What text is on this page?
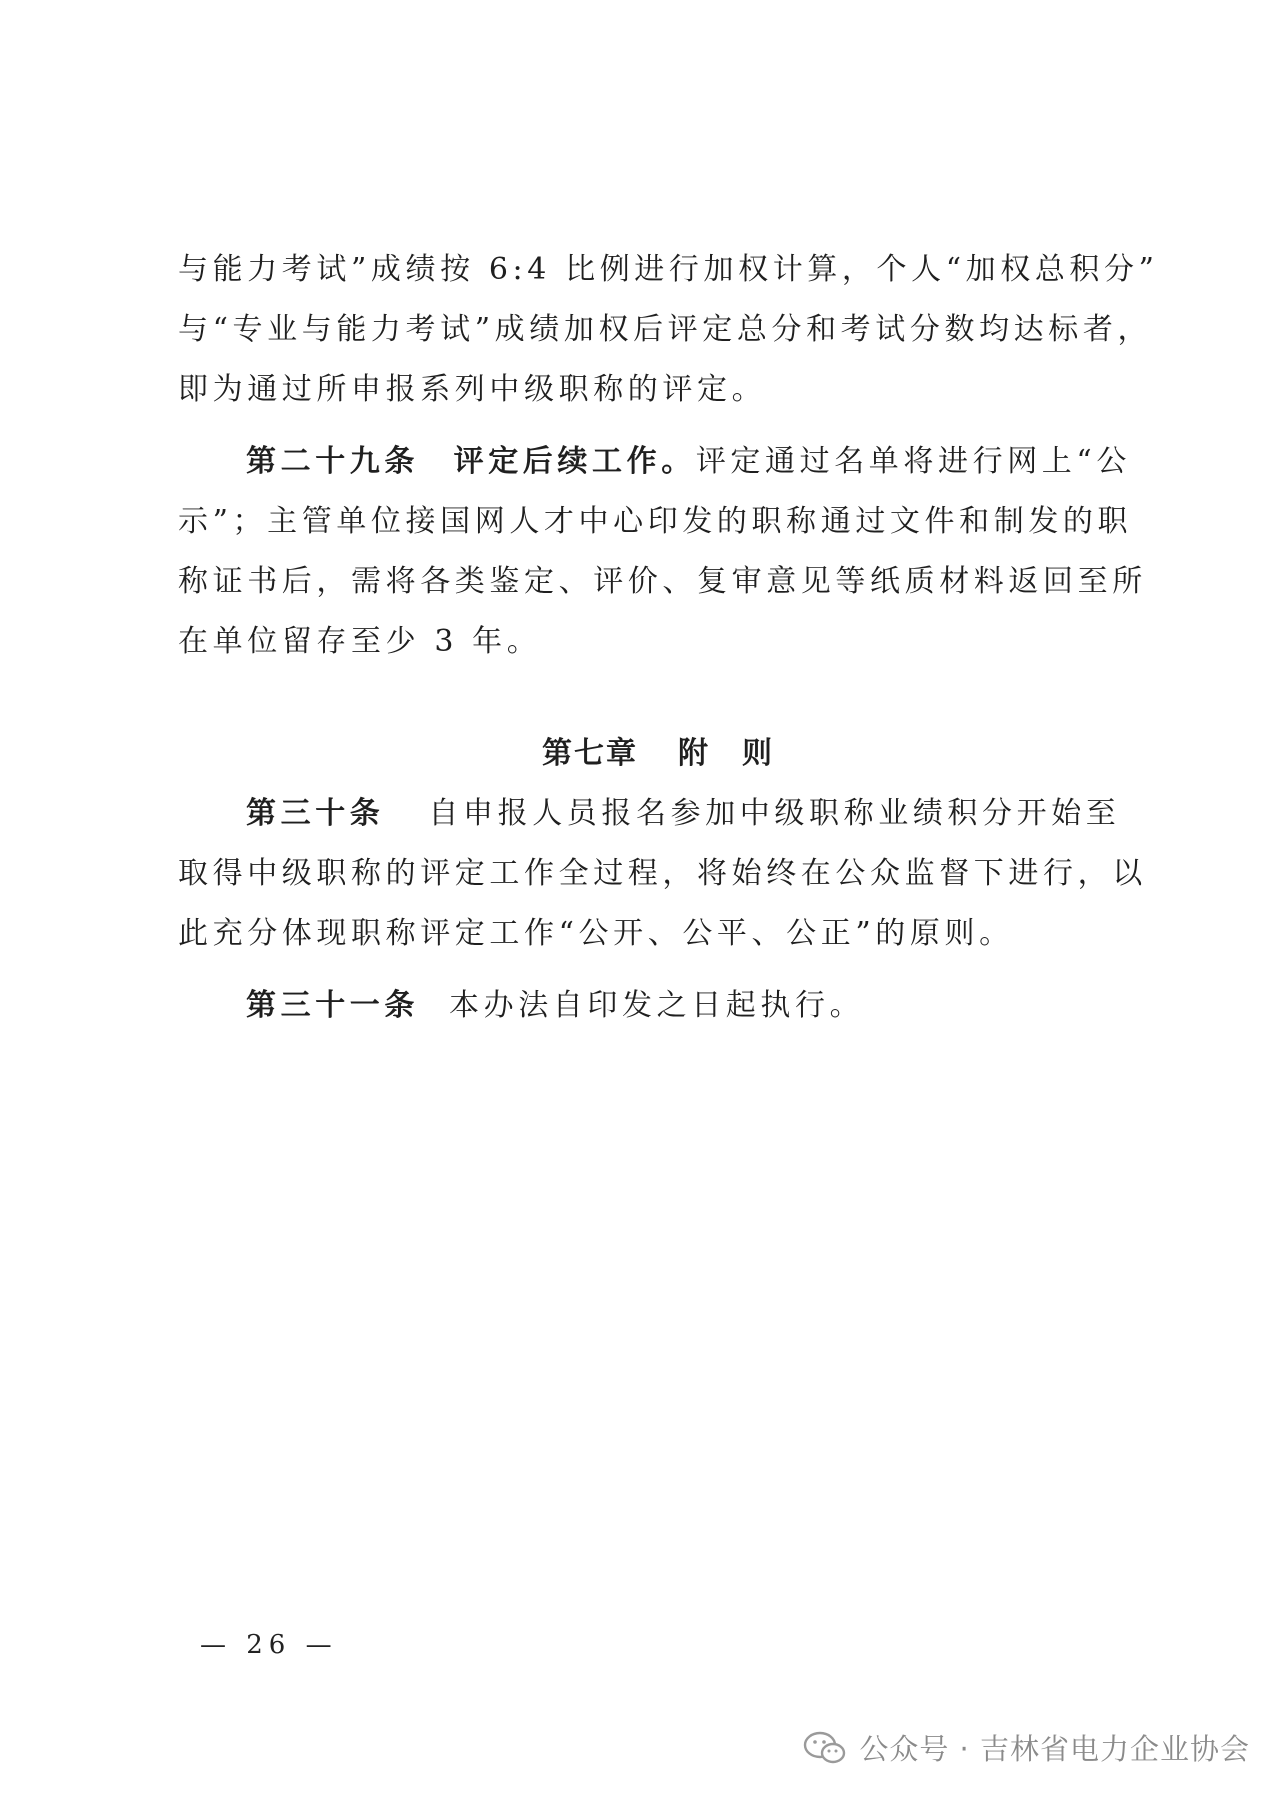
与能力考试”成绩按 6:4 比例进行加权计算，个人“加权总积分”
与“专业与能力考试”成绩加权后评定总分和考试分数均达标者，
即为通过所申报系列中级职称的评定。
第二十九条　评定后续工作。评定通过名单将进行网上“公
示”；主管单位接国网人才中心印发的职称通过文件和制发的职
称证书后，需将各类鉴定、评价、复审意见等纸质材料返回至所
在单位留存至少 3 年。
第七章 附　则
第三十条 自申报人员报名参加中级职称业绩积分开始至
取得中级职称的评定工作全过程，将始终在公众监督下进行，以
此充分体现职称评定工作“公开、公平、公正”的原则。
第三十一条 本办法自印发之日起执行。
— 26 —
公众号 · 吉林省电力企业协会
